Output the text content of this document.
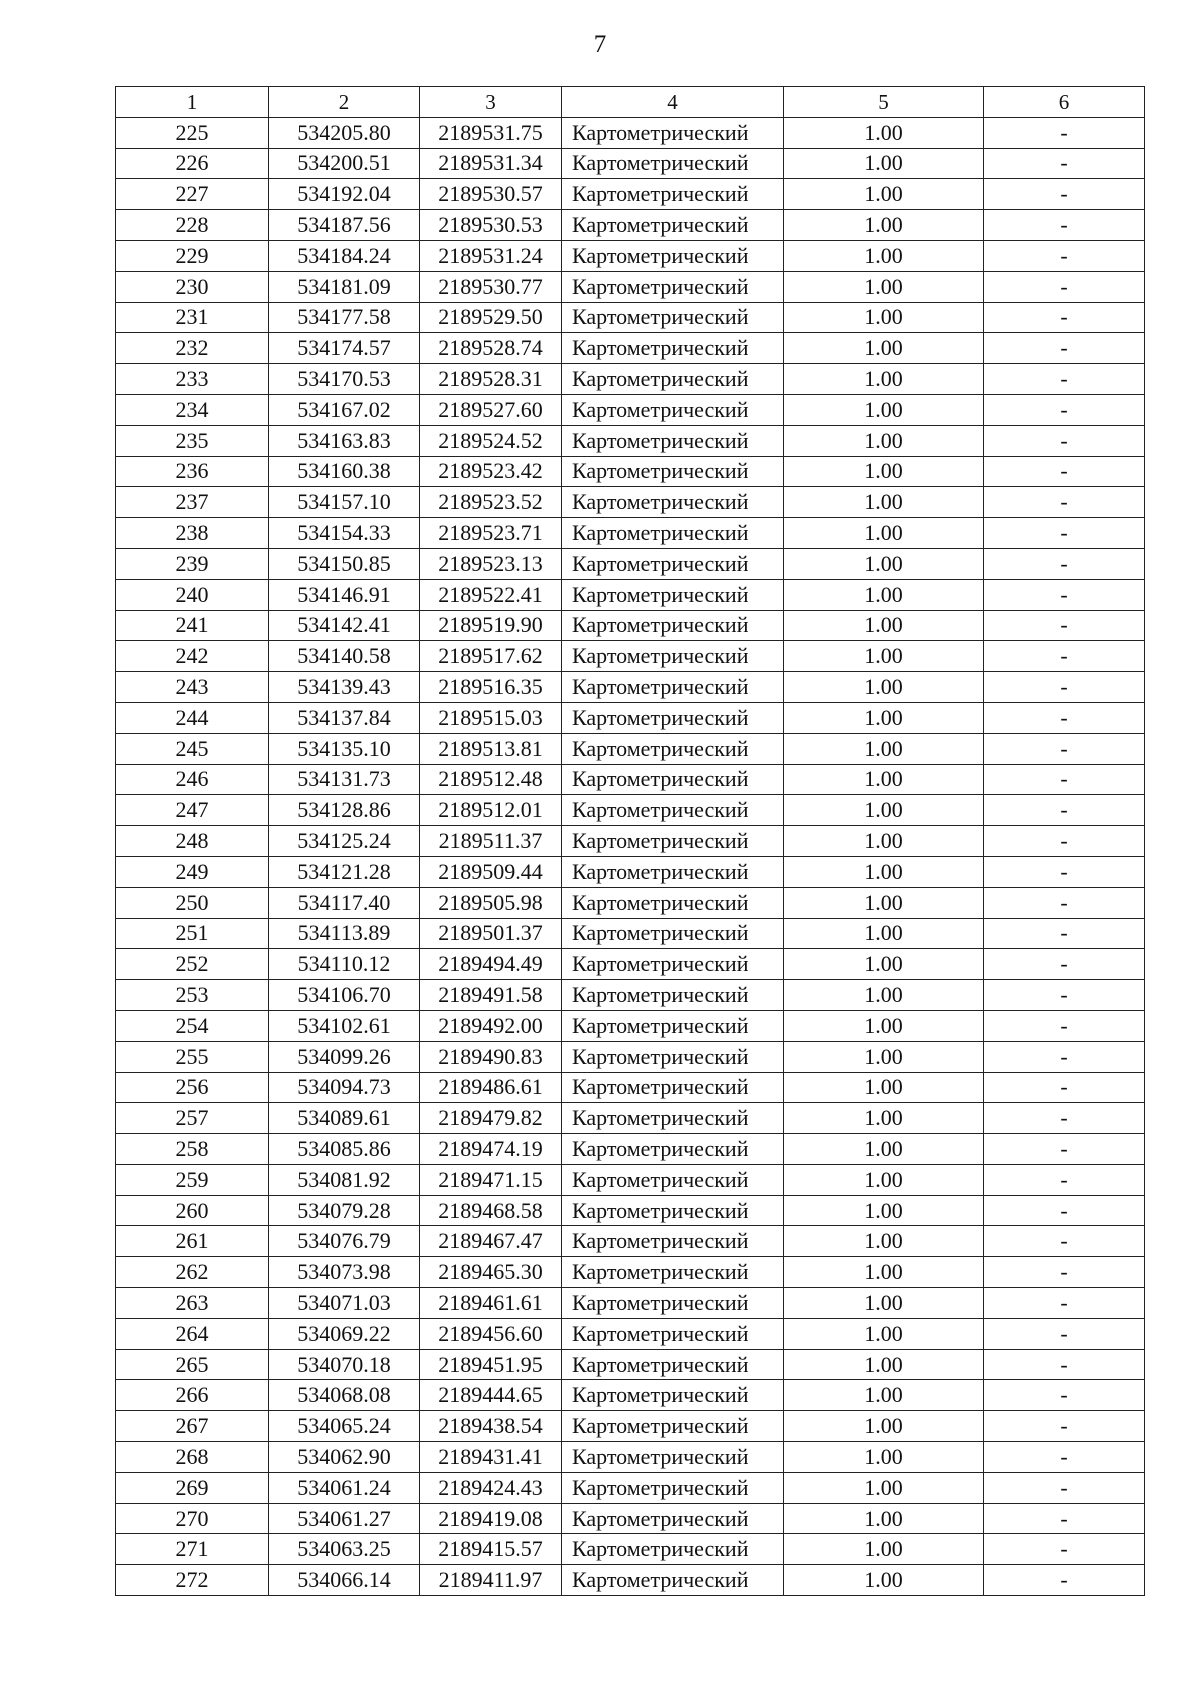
7
1	2	3	4	5	6
225	534205.80	2189531.75	Картометрический	1.00	-
226	534200.51	2189531.34	Картометрический	1.00	-
227	534192.04	2189530.57	Картометрический	1.00	-
228	534187.56	2189530.53	Картометрический	1.00	-
229	534184.24	2189531.24	Картометрический	1.00	-
230	534181.09	2189530.77	Картометрический	1.00	-
231	534177.58	2189529.50	Картометрический	1.00	-
232	534174.57	2189528.74	Картометрический	1.00	-
233	534170.53	2189528.31	Картометрический	1.00	-
234	534167.02	2189527.60	Картометрический	1.00	-
235	534163.83	2189524.52	Картометрический	1.00	-
236	534160.38	2189523.42	Картометрический	1.00	-
237	534157.10	2189523.52	Картометрический	1.00	-
238	534154.33	2189523.71	Картометрический	1.00	-
239	534150.85	2189523.13	Картометрический	1.00	-
240	534146.91	2189522.41	Картометрический	1.00	-
241	534142.41	2189519.90	Картометрический	1.00	-
242	534140.58	2189517.62	Картометрический	1.00	-
243	534139.43	2189516.35	Картометрический	1.00	-
244	534137.84	2189515.03	Картометрический	1.00	-
245	534135.10	2189513.81	Картометрический	1.00	-
246	534131.73	2189512.48	Картометрический	1.00	-
247	534128.86	2189512.01	Картометрический	1.00	-
248	534125.24	2189511.37	Картометрический	1.00	-
249	534121.28	2189509.44	Картометрический	1.00	-
250	534117.40	2189505.98	Картометрический	1.00	-
251	534113.89	2189501.37	Картометрический	1.00	-
252	534110.12	2189494.49	Картометрический	1.00	-
253	534106.70	2189491.58	Картометрический	1.00	-
254	534102.61	2189492.00	Картометрический	1.00	-
255	534099.26	2189490.83	Картометрический	1.00	-
256	534094.73	2189486.61	Картометрический	1.00	-
257	534089.61	2189479.82	Картометрический	1.00	-
258	534085.86	2189474.19	Картометрический	1.00	-
259	534081.92	2189471.15	Картометрический	1.00	-
260	534079.28	2189468.58	Картометрический	1.00	-
261	534076.79	2189467.47	Картометрический	1.00	-
262	534073.98	2189465.30	Картометрический	1.00	-
263	534071.03	2189461.61	Картометрический	1.00	-
264	534069.22	2189456.60	Картометрический	1.00	-
265	534070.18	2189451.95	Картометрический	1.00	-
266	534068.08	2189444.65	Картометрический	1.00	-
267	534065.24	2189438.54	Картометрический	1.00	-
268	534062.90	2189431.41	Картометрический	1.00	-
269	534061.24	2189424.43	Картометрический	1.00	-
270	534061.27	2189419.08	Картометрический	1.00	-
271	534063.25	2189415.57	Картометрический	1.00	-
272	534066.14	2189411.97	Картометрический	1.00	-
